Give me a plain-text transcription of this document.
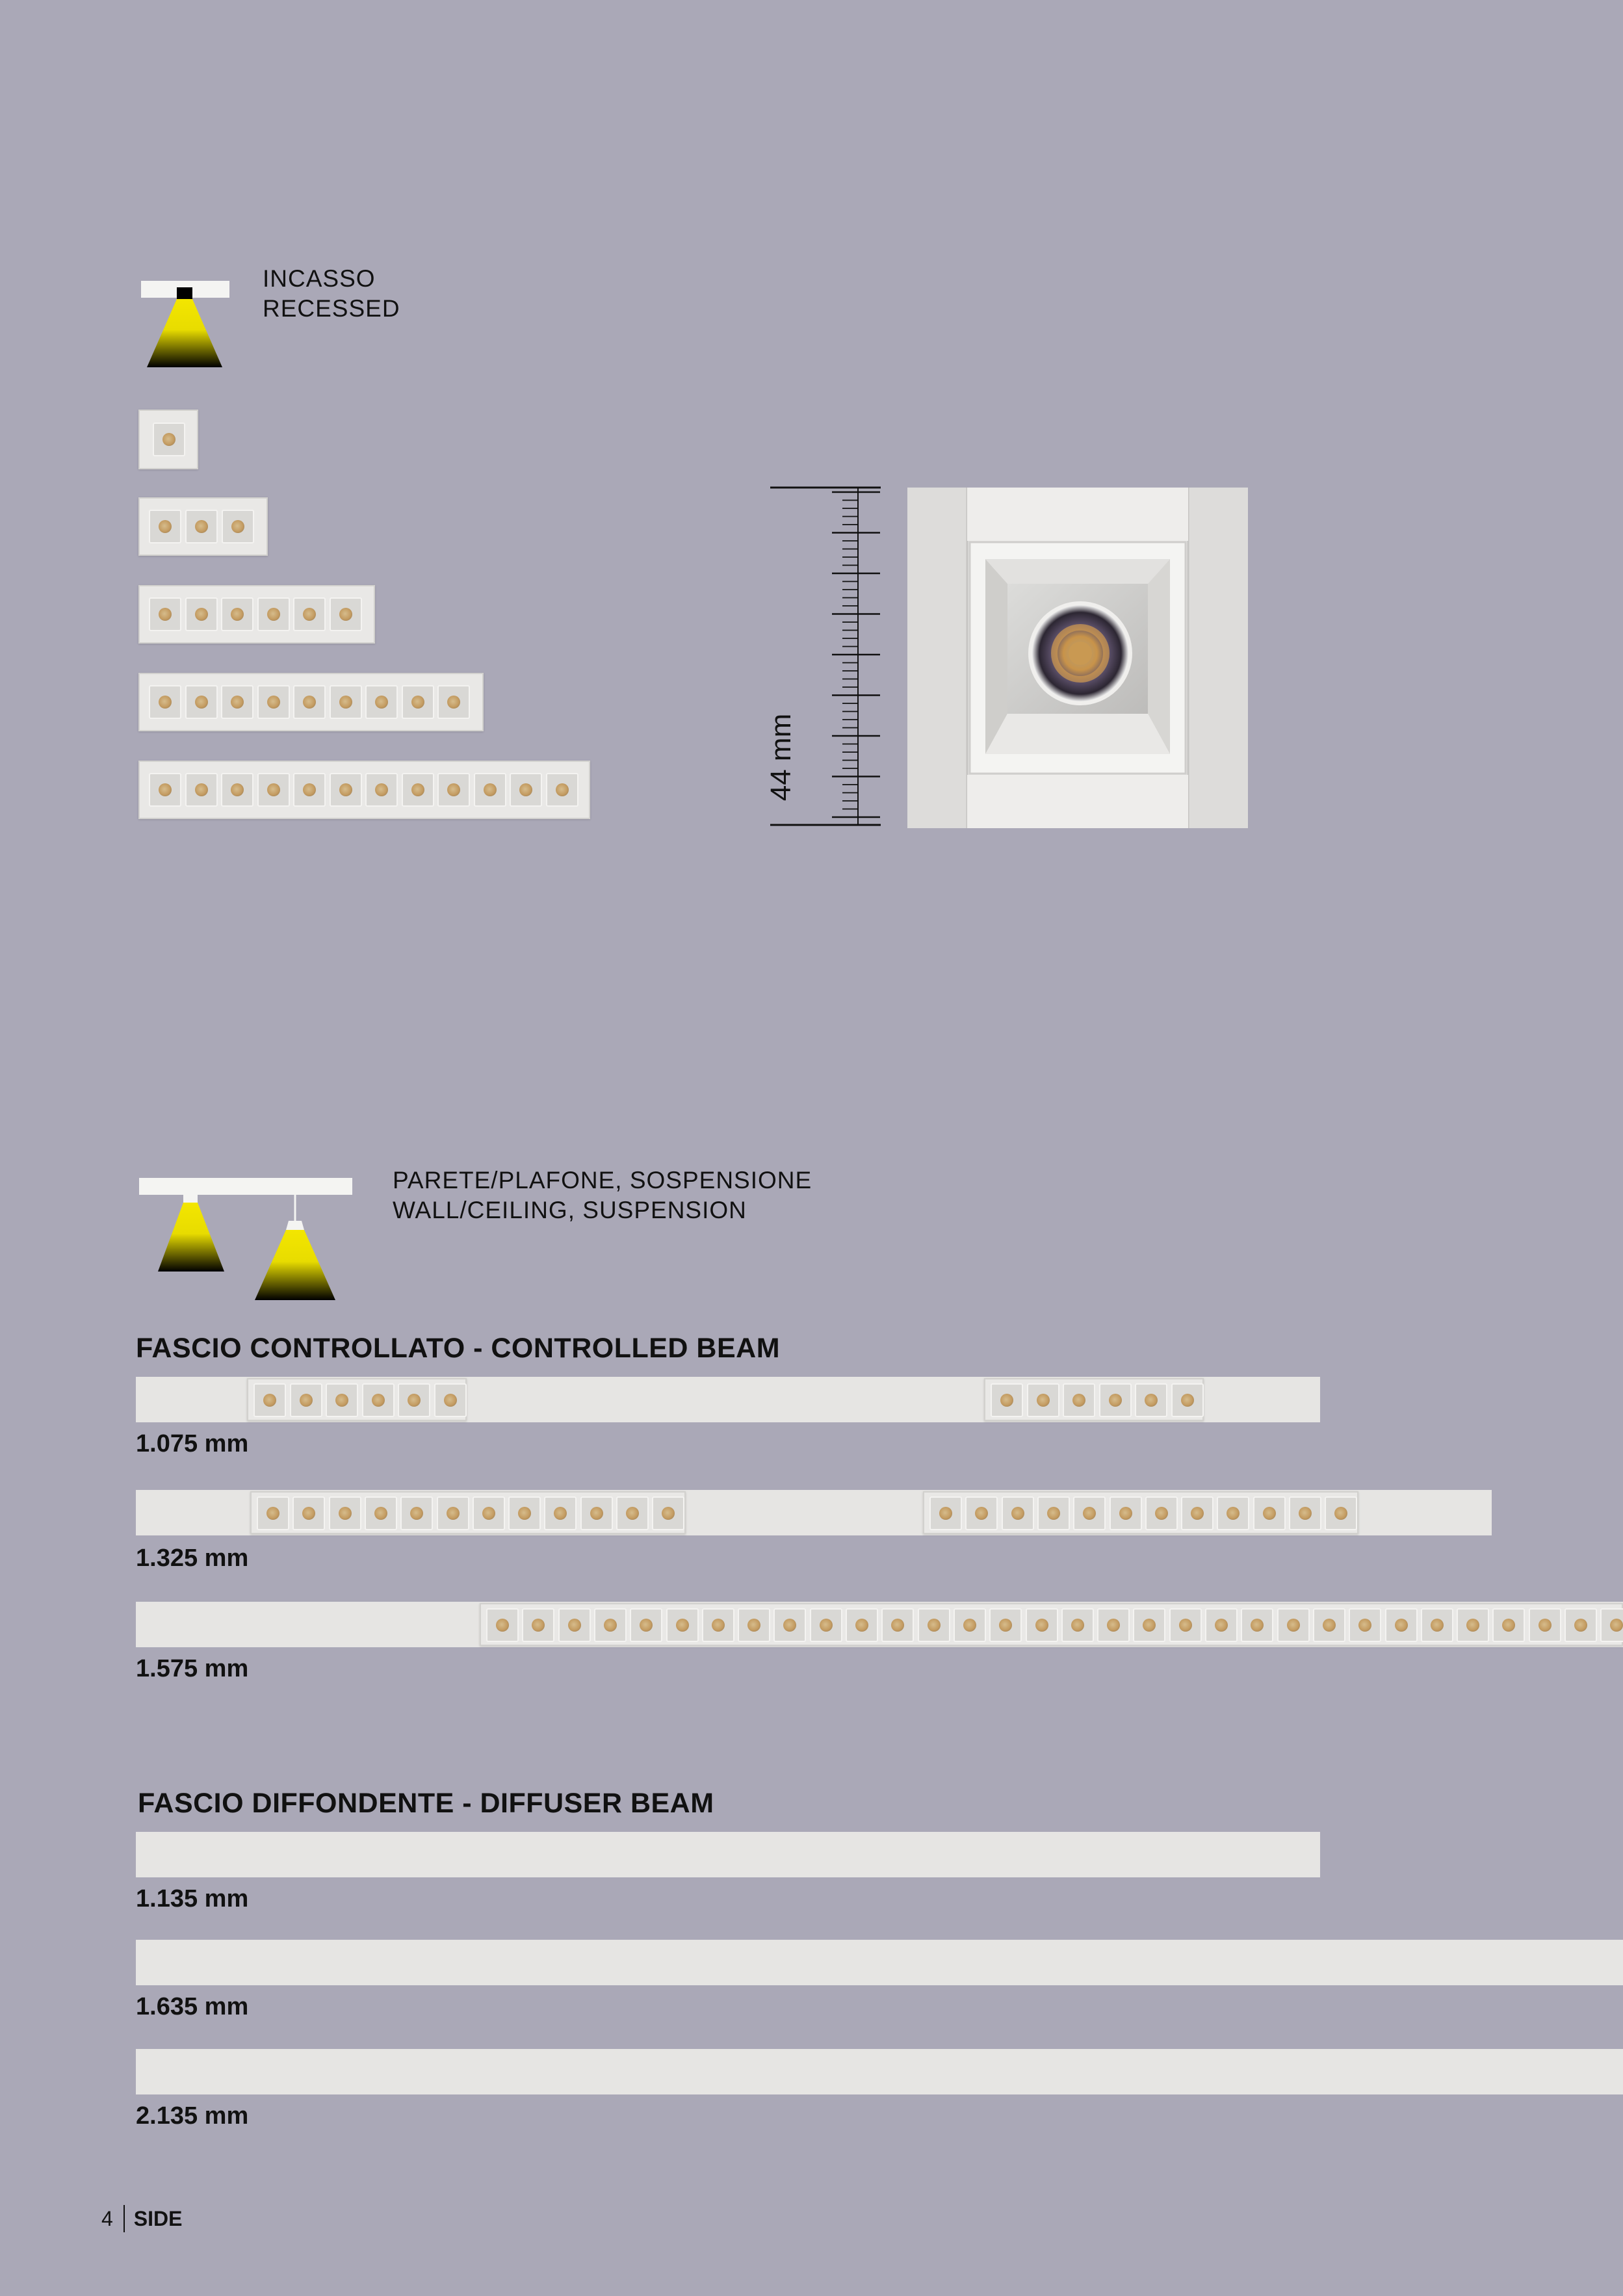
INCASSO
RECESSED
44 mm
PARETE/PLAFONE, SOSPENSIONE
WALL/CEILING, SUSPENSION
FASCIO CONTROLLATO - CONTROLLED BEAM
1.075 mm
1.325 mm
1.575 mm
FASCIO DIFFONDENTE - DIFFUSER BEAM
1.135 mm
1.635 mm
2.135 mm
4 SIDE
